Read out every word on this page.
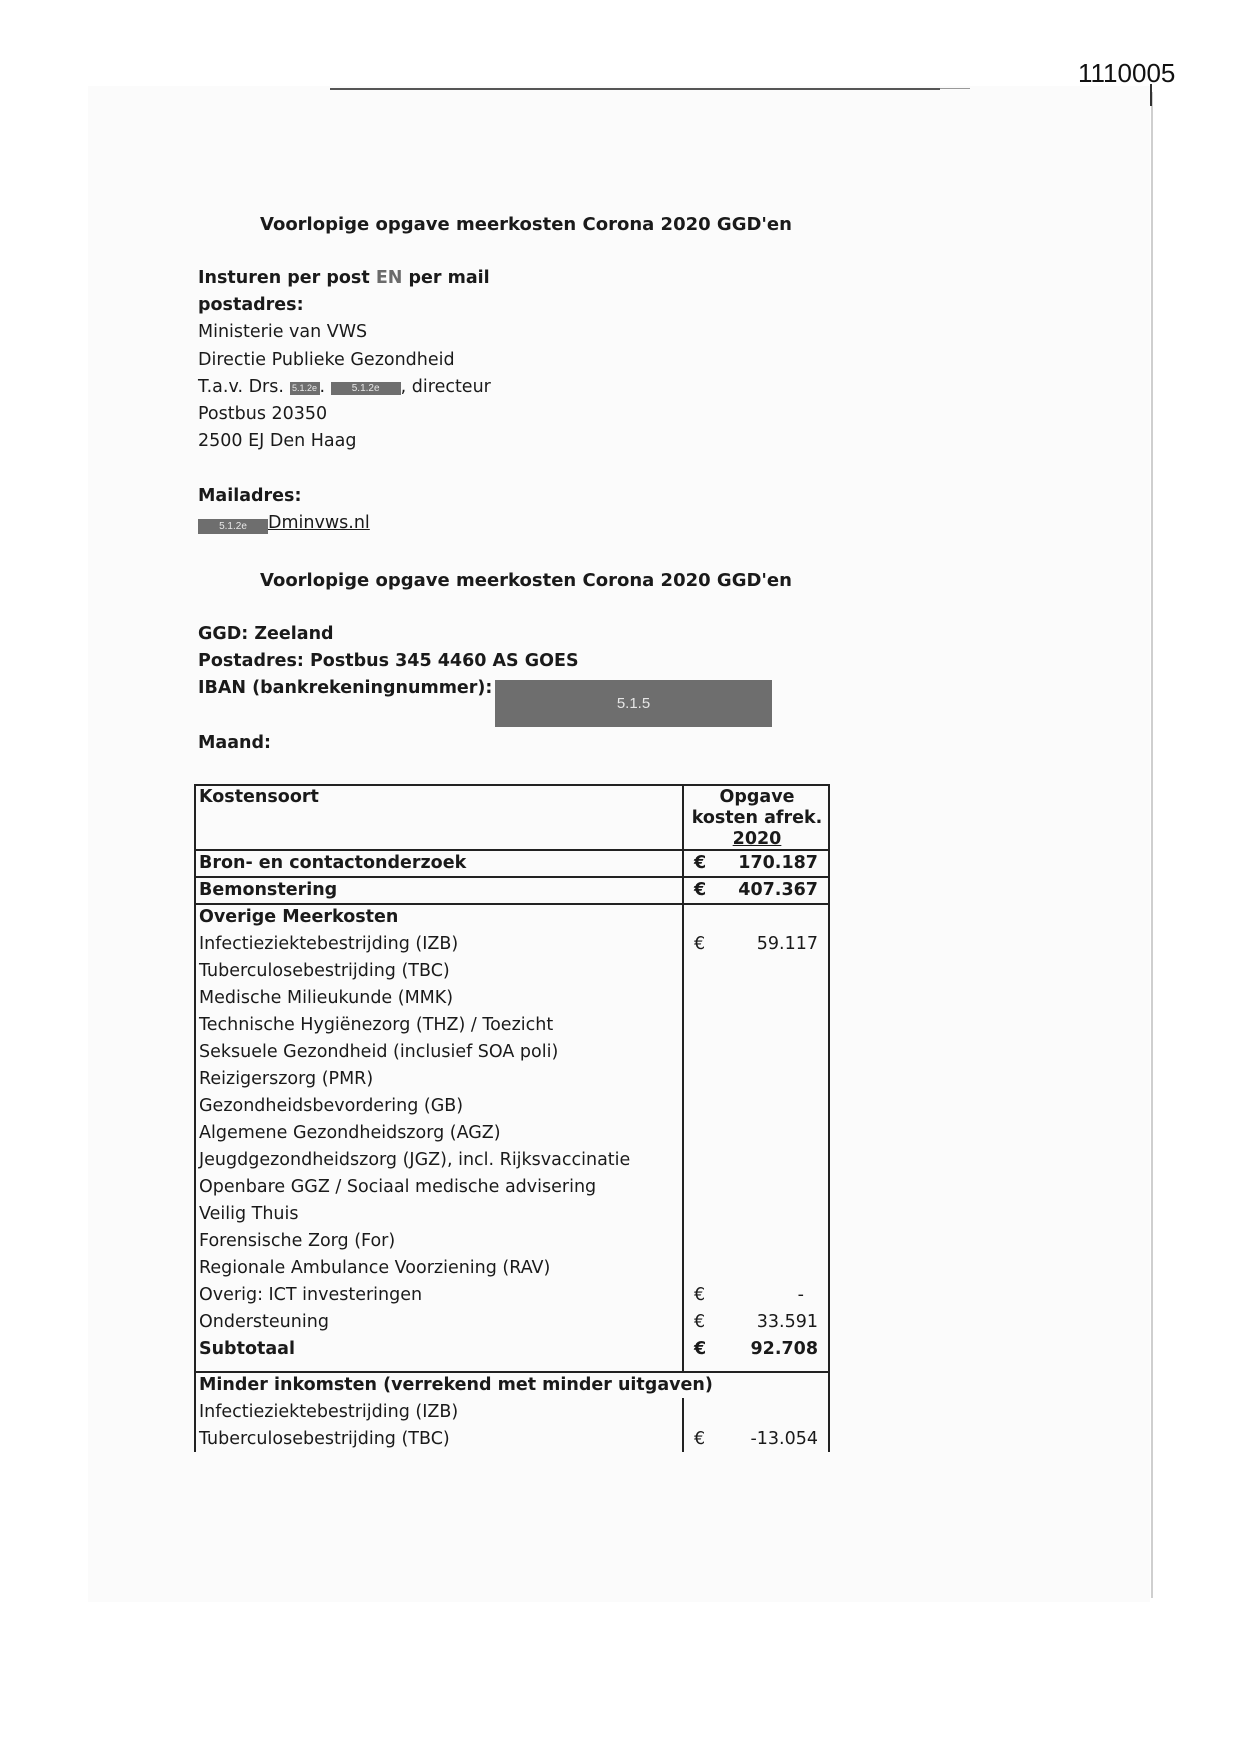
1110005
Voorlopige opgave meerkosten Corona 2020 GGD'en
Insturen per post EN per mail
postadres:
Ministerie van VWS
Directie Publieke Gezondheid
T.a.v. Drs. 5.1.2e .	5.1.2e , directeur
Postbus 20350
2500 EJ Den Haag
Mailadres:
5.1.2e Dminvws.nl
Voorlopige opgave meerkosten Corona 2020 GGD'en
GGD: Zeeland
Postadres: Postbus 345 4460 AS GOES
IBAN (bankrekeningnummer):
5.1.5
Maand:
Kostensoort	Opgave
kosten afrek.
2020
Bron- en contactonderzoek	€ 170.187
Bemonstering	€ 407.367
Overige Meerkosten
Infectieziektebestrijding (IZB)	€	59.117
Tuberculosebestrijding (TBC)
Medische Milieukunde (MMK)
Technische Hygiënezorg (THZ) / Toezicht
Seksuele Gezondheid (inclusief SOA poli)
Reizigerszorg (PMR)
Gezondheidsbevordering (GB)
Algemene Gezondheidszorg (AGZ)
Jeugdgezondheidszorg (JGZ), incl. Rijksvaccinatie
Openbare GGZ / Sociaal medische advisering
Veilig Thuis
Forensische Zorg (For)
Regionale Ambulance Voorziening (RAV)
Overig: ICT investeringen	€	-
Ondersteuning	€	33.591
Subtotaal	€	92.708
Minder inkomsten (verrekend met minder uitgaven)
Infectieziektebestrijding (IZB)
Tuberculosebestrijding (TBC)	€	-13.054
